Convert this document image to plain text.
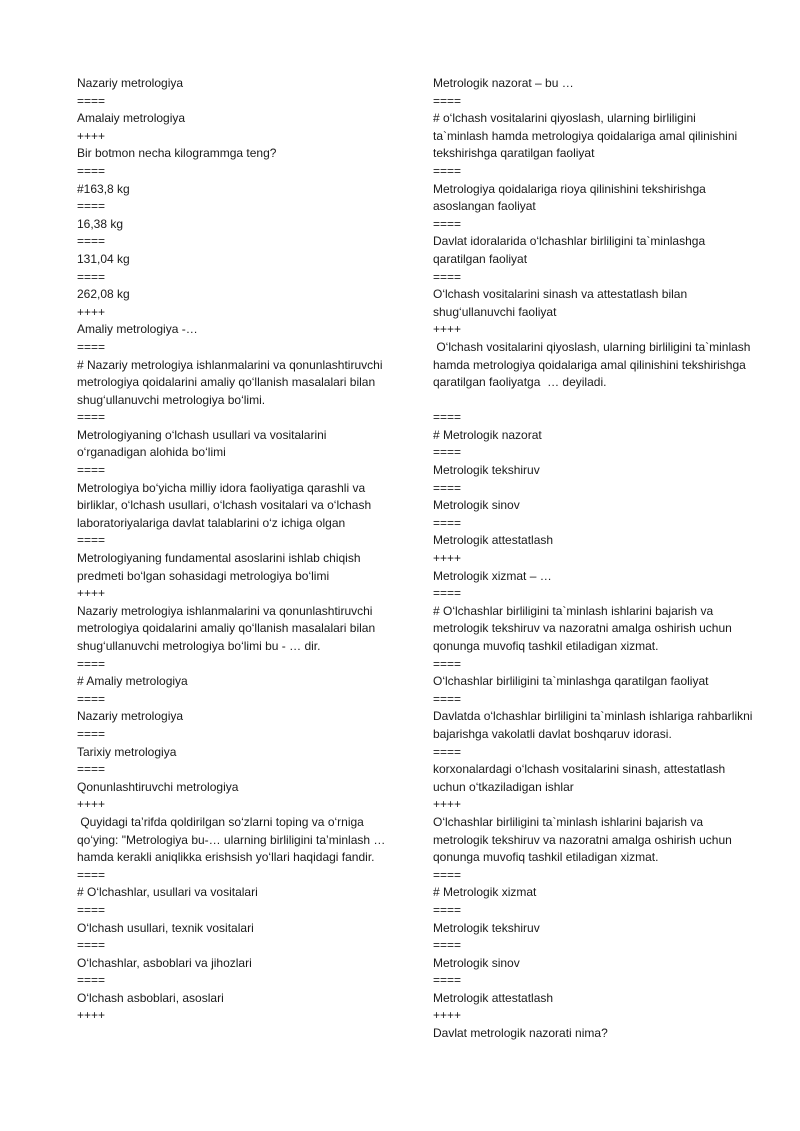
Nazariy metrologiya
====
Amalaiy metrologiya
++++
Bir botmon necha kilogrammga teng?
====
#163,8 kg
====
16,38 kg
====
131,04 kg
====
262,08 kg
++++
Amaliy metrologiya -…
====
# Nazariy metrologiya ishlanmalarini va qonunlashtiruvchi metrologiya qoidalarini amaliy qo‘llanish masalalari bilan shug‘ullanuvchi metrologiya bo‘limi.
====
Metrologiyaning o‘lchash usullari va vositalarini o‘rganadigan alohida bo‘limi
====
Metrologiya bo‘yicha milliy idora faoliyatiga qarashli va birliklar, o‘lchash usullari, o‘lchash vositalari va o‘lchash laboratoriyalariga davlat talablarini o‘z ichiga olgan
====
Metrologiyaning fundamental asoslarini ishlab chiqish predmeti bo‘lgan sohasidagi metrologiya bo‘limi
++++
Nazariy metrologiya ishlanmalarini va qonunlashtiruvchi metrologiya qoidalarini amaliy qo‘llanish masalalari bilan shug‘ullanuvchi metrologiya bo‘limi bu - … dir.
====
# Amaliy metrologiya
====
Nazariy metrologiya
====
Tarixiy metrologiya
====
Qonunlashtiruvchi metrologiya
++++
Quyidagi ta’rifda qoldirilgan so‘zlarni toping va o‘rniga qo‘ying: "Metrologiya bu-… ularning birliligini ta’minlash … hamda kerakli aniqlikka erishsish yo‘llari haqidagi fandir.
====
# O‘lchashlar, usullari va vositalari
====
O‘lchash usullari, texnik vositalari
====
O‘lchashlar, asboblari va jihozlari
====
O‘lchash asboblari, asoslari
++++
Metrologik nazorat – bu …
====
# o‘lchash vositalarini qiyoslash, ularning birliligini ta`minlash hamda metrologiya qoidalariga amal qilinishini tekshirishga qaratilgan faoliyat
====
Metrologiya qoidalariga rioya qilinishini tekshirishga asoslangan faoliyat
====
Davlat idoralarida o‘lchashlar birliligini ta`minlashga qaratilgan faoliyat
====
O‘lchash vositalarini sinash va attestatlash bilan shug‘ullanuvchi faoliyat
++++
O‘lchash vositalarini qiyoslash, ularning birliligini ta`minlash hamda metrologiya qoidalariga amal qilinishini tekshirishga qaratilgan faoliyatga  … deyiladi.
====
# Metrologik nazorat
====
Metrologik tekshiruv
====
Metrologik sinov
====
Metrologik attestatlash
++++
Metrologik xizmat – …
====
# O‘lchashlar birliligini ta`minlash ishlarini bajarish va metrologik tekshiruv va nazoratni amalga oshirish uchun qonunga muvofiq tashkil etiladigan xizmat.
====
O‘lchashlar birliligini ta`minlashga qaratilgan faoliyat
====
Davlatda o‘lchashlar birliligini ta`minlash ishlariga rahbarlikni bajarishga vakolatli davlat boshqaruv idorasi.
====
korxonalardagi o‘lchash vositalarini sinash, attestatlash uchun o‘tkaziladigan ishlar
++++
O‘lchashlar birliligini ta`minlash ishlarini bajarish va metrologik tekshiruv va nazoratni amalga oshirish uchun qonunga muvofiq tashkil etiladigan xizmat.
====
# Metrologik xizmat
====
Metrologik tekshiruv
====
Metrologik sinov
====
Metrologik attestatlash
++++
Davlat metrologik nazorati nima?
